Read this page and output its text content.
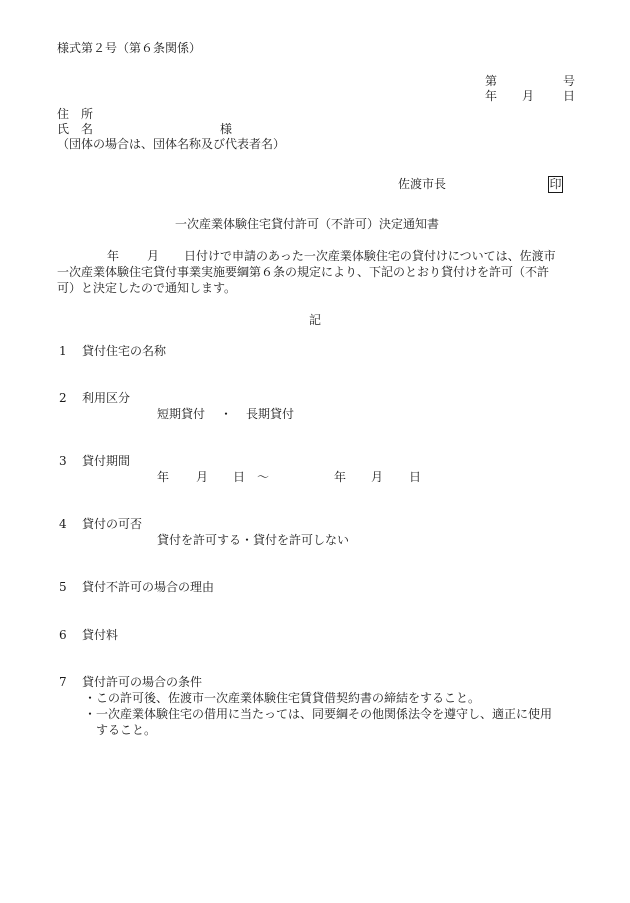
様式第２号（第６条関係）
第	号
年 月 日
住　所
氏　名	様
（団体の場合は、団体名称及び代表者名）
佐渡市長	印
一次産業体験住宅貸付許可（不許可）決定通知書
年 月 日付けで申請のあった一次産業体験住宅の貸付けについては、佐渡市
一次産業体験住宅貸付事業実施要綱第６条の規定により、下記のとおり貸付けを許可（不許
可）と決定したので通知します。
記
1 貸付住宅の名称
2 利用区分
短期貸付 ・ 長期貸付
3 貸付期間
年 月 日 ～	年 月 日
4 貸付の可否
貸付を許可する・貸付を許可しない
5 貸付不許可の場合の理由
6 貸付料
7 貸付許可の場合の条件
・この許可後、佐渡市一次産業体験住宅賃貸借契約書の締結をすること。
・一次産業体験住宅の借用に当たっては、同要綱その他関係法令を遵守し、適正に使用
すること。
